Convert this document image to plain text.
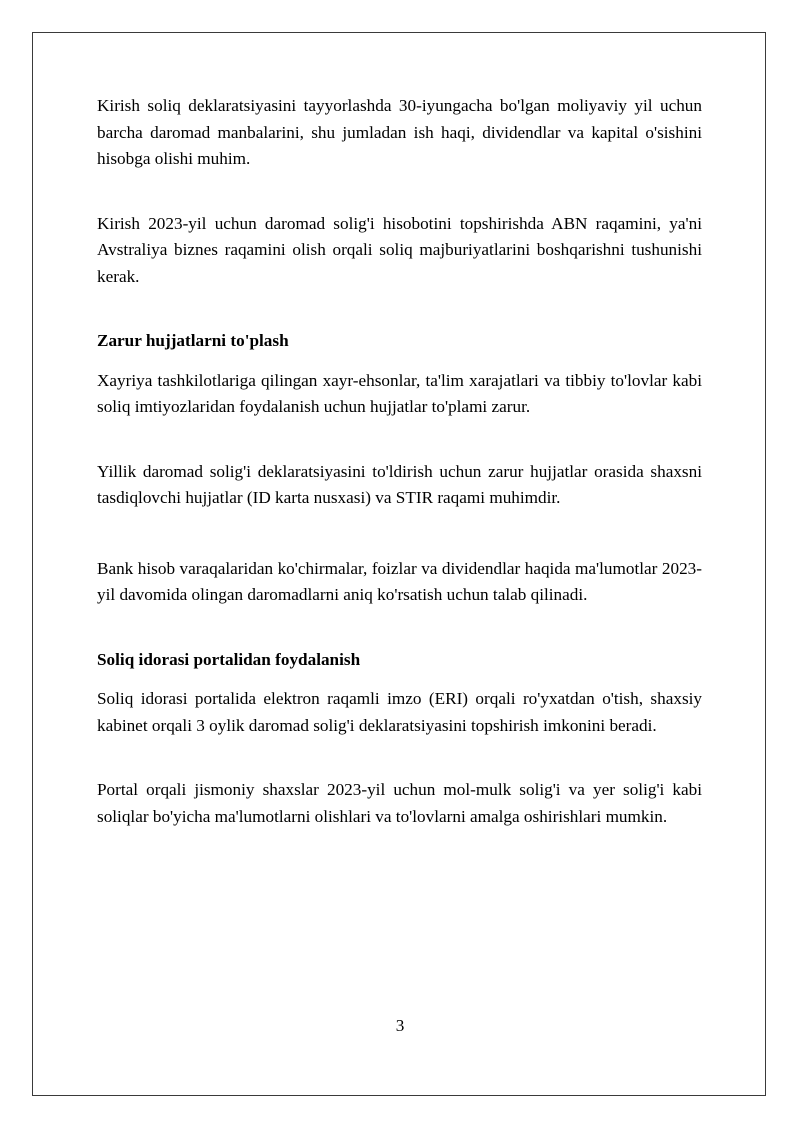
Kirish soliq deklaratsiyasini tayyorlashda 30-iyungacha bo'lgan moliyaviy yil uchun barcha daromad manbalarini, shu jumladan ish haqi, dividendlar va kapital o'sishini hisobga olishi muhim.

Kirish 2023-yil uchun daromad solig'i hisobotini topshirishda ABN raqamini, ya'ni Avstraliya biznes raqamini olish orqali soliq majburiyatlarini boshqarishni tushunishi kerak.

Zarur hujjatlarni to'plash

Xayriya tashkilotlariga qilingan xayr-ehsonlar, ta'lim xarajatlari va tibbiy to'lovlar kabi soliq imtiyozlaridan foydalanish uchun hujjatlar to'plami zarur.

Yillik daromad solig'i deklaratsiyasini to'ldirish uchun zarur hujjatlar orasida shaxsni tasdiqlovchi hujjatlar (ID karta nusxasi) va STIR raqami muhimdir.

Bank hisob varaqalaridan ko'chirmalar, foizlar va dividendlar haqida ma'lumotlar 2023-yil davomida olingan daromadlarni aniq ko'rsatish uchun talab qilinadi.

Soliq idorasi portalidan foydalanish

Soliq idorasi portalida elektron raqamli imzo (ERI) orqali ro'yxatdan o'tish, shaxsiy kabinet orqali 3 oylik daromad solig'i deklaratsiyasini topshirish imkonini beradi.

Portal orqali jismoniy shaxslar 2023-yil uchun mol-mulk solig'i va yer solig'i kabi soliqlar bo'yicha ma'lumotlarni olishlari va to'lovlarni amalga oshirishlari mumkin.

3
